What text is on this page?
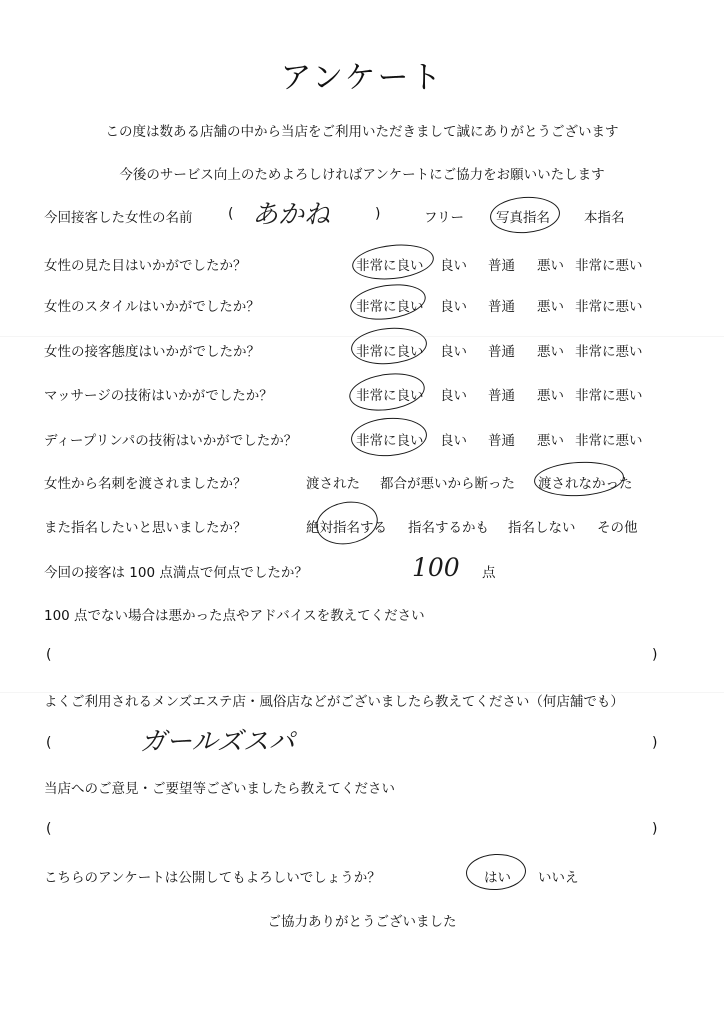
アンケート
この度は数ある店舗の中から当店をご利用いただきまして誠にありがとうございます
今後のサービス向上のためよろしければアンケートにご協力をお願いいたします
今回接客した女性の名前	( あかね	)	フリー 写真指名	本指名
女性の見た目はいかがでしたか？	非常に良い 良い 普通 悪い 非常に悪い
女性のスタイルはいかがでしたか？	非常に良い 良い 普通 悪い 非常に悪い
女性の接客態度はいかがでしたか？	非常に良い 良い 普通 悪い 非常に悪い
マッサージの技術はいかがでしたか？	非常に良い 良い 普通 悪い 非常に悪い
ディープリンパの技術はいかがでしたか？	非常に良い 良い 普通 悪い 非常に悪い
女性から名刺を渡されましたか？	渡された 都合が悪いから断った 渡されなかった
また指名したいと思いましたか？	絶対指名する 指名するかも 指名しない その他
今回の接客は 100 点満点で何点でしたか？	100 点
100 点でない場合は悪かった点やアドバイスを教えてください
(	)
よくご利用されるメンズエステ店・風俗店などがございましたら教えてください（何店舗でも）
(	ガールズスパ	)
当店へのご意見・ご要望等ございましたら教えてください
(	)
こちらのアンケートは公開してもよろしいでしょうか？	はい いいえ
ご協力ありがとうございました
